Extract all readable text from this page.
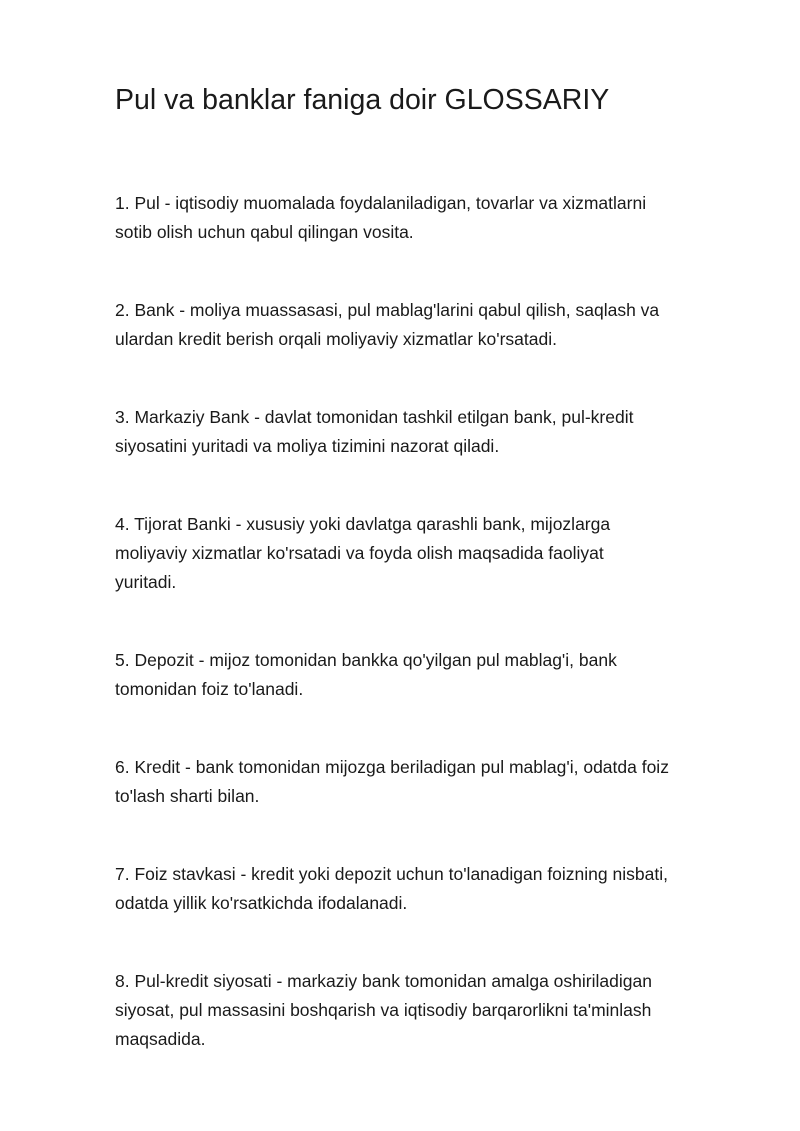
Pul va banklar faniga doir GLOSSARIY

1. Pul - iqtisodiy muomalada foydalaniladigan, tovarlar va xizmatlarni
sotib olish uchun qabul qilingan vosita.

2. Bank - moliya muassasasi, pul mablag'larini qabul qilish, saqlash va
ulardan kredit berish orqali moliyaviy xizmatlar ko'rsatadi.

3. Markaziy Bank - davlat tomonidan tashkil etilgan bank, pul-kredit
siyosatini yuritadi va moliya tizimini nazorat qiladi.

4. Tijorat Banki - xususiy yoki davlatga qarashli bank, mijozlarga
moliyaviy xizmatlar ko'rsatadi va foyda olish maqsadida faoliyat
yuritadi.

5. Depozit - mijoz tomonidan bankka qo'yilgan pul mablag'i, bank
tomonidan foiz to'lanadi.

6. Kredit - bank tomonidan mijozga beriladigan pul mablag'i, odatda foiz
to'lash sharti bilan.

7. Foiz stavkasi - kredit yoki depozit uchun to'lanadigan foizning nisbati,
odatda yillik ko'rsatkichda ifodalanadi.

8. Pul-kredit siyosati - markaziy bank tomonidan amalga oshiriladigan
siyosat, pul massasini boshqarish va iqtisodiy barqarorlikni ta'minlash
maqsadida.
